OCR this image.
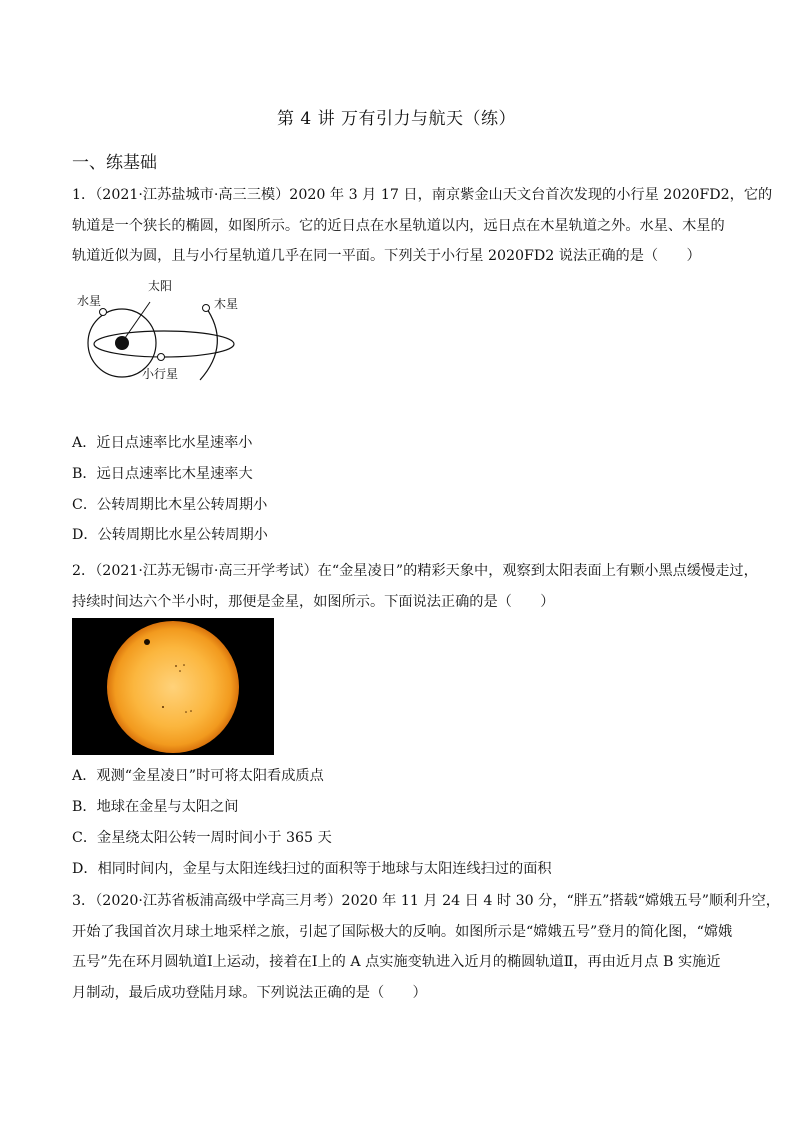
第 4 讲 万有引力与航天（练）
一、练基础
1．（2021·江苏盐城市·高三三模）2020 年 3 月 17 日，南京紫金山天文台首次发现的小行星 2020FD2，它的
轨道是一个狭长的椭圆，如图所示。它的近日点在水星轨道以内，远日点在木星轨道之外。水星、木星的
轨道近似为圆，且与小行星轨道几乎在同一平面。下列关于小行星 2020FD2 说法正确的是（　　）
水星
太阳
木星
小行星
A．近日点速率比水星速率小
B．远日点速率比木星速率大
C．公转周期比木星公转周期小
D．公转周期比水星公转周期小
2．（2021·江苏无锡市·高三开学考试）在“金星凌日”的精彩天象中，观察到太阳表面上有颗小黑点缓慢走过，
持续时间达六个半小时，那便是金星，如图所示。下面说法正确的是（　　）
A．观测“金星凌日”时可将太阳看成质点
B．地球在金星与太阳之间
C．金星绕太阳公转一周时间小于 365 天
D．相同时间内，金星与太阳连线扫过的面积等于地球与太阳连线扫过的面积
3．（2020·江苏省板浦高级中学高三月考）2020 年 11 月 24 日 4 时 30 分，“胖五”搭载“嫦娥五号”顺利升空，
开始了我国首次月球土地采样之旅，引起了国际极大的反响。如图所示是“嫦娥五号”登月的简化图，“嫦娥
五号”先在环月圆轨道Ⅰ上运动，接着在Ⅰ上的 A 点实施变轨进入近月的椭圆轨道Ⅱ，再由近月点 B 实施近
月制动，最后成功登陆月球。下列说法正确的是（　　）
